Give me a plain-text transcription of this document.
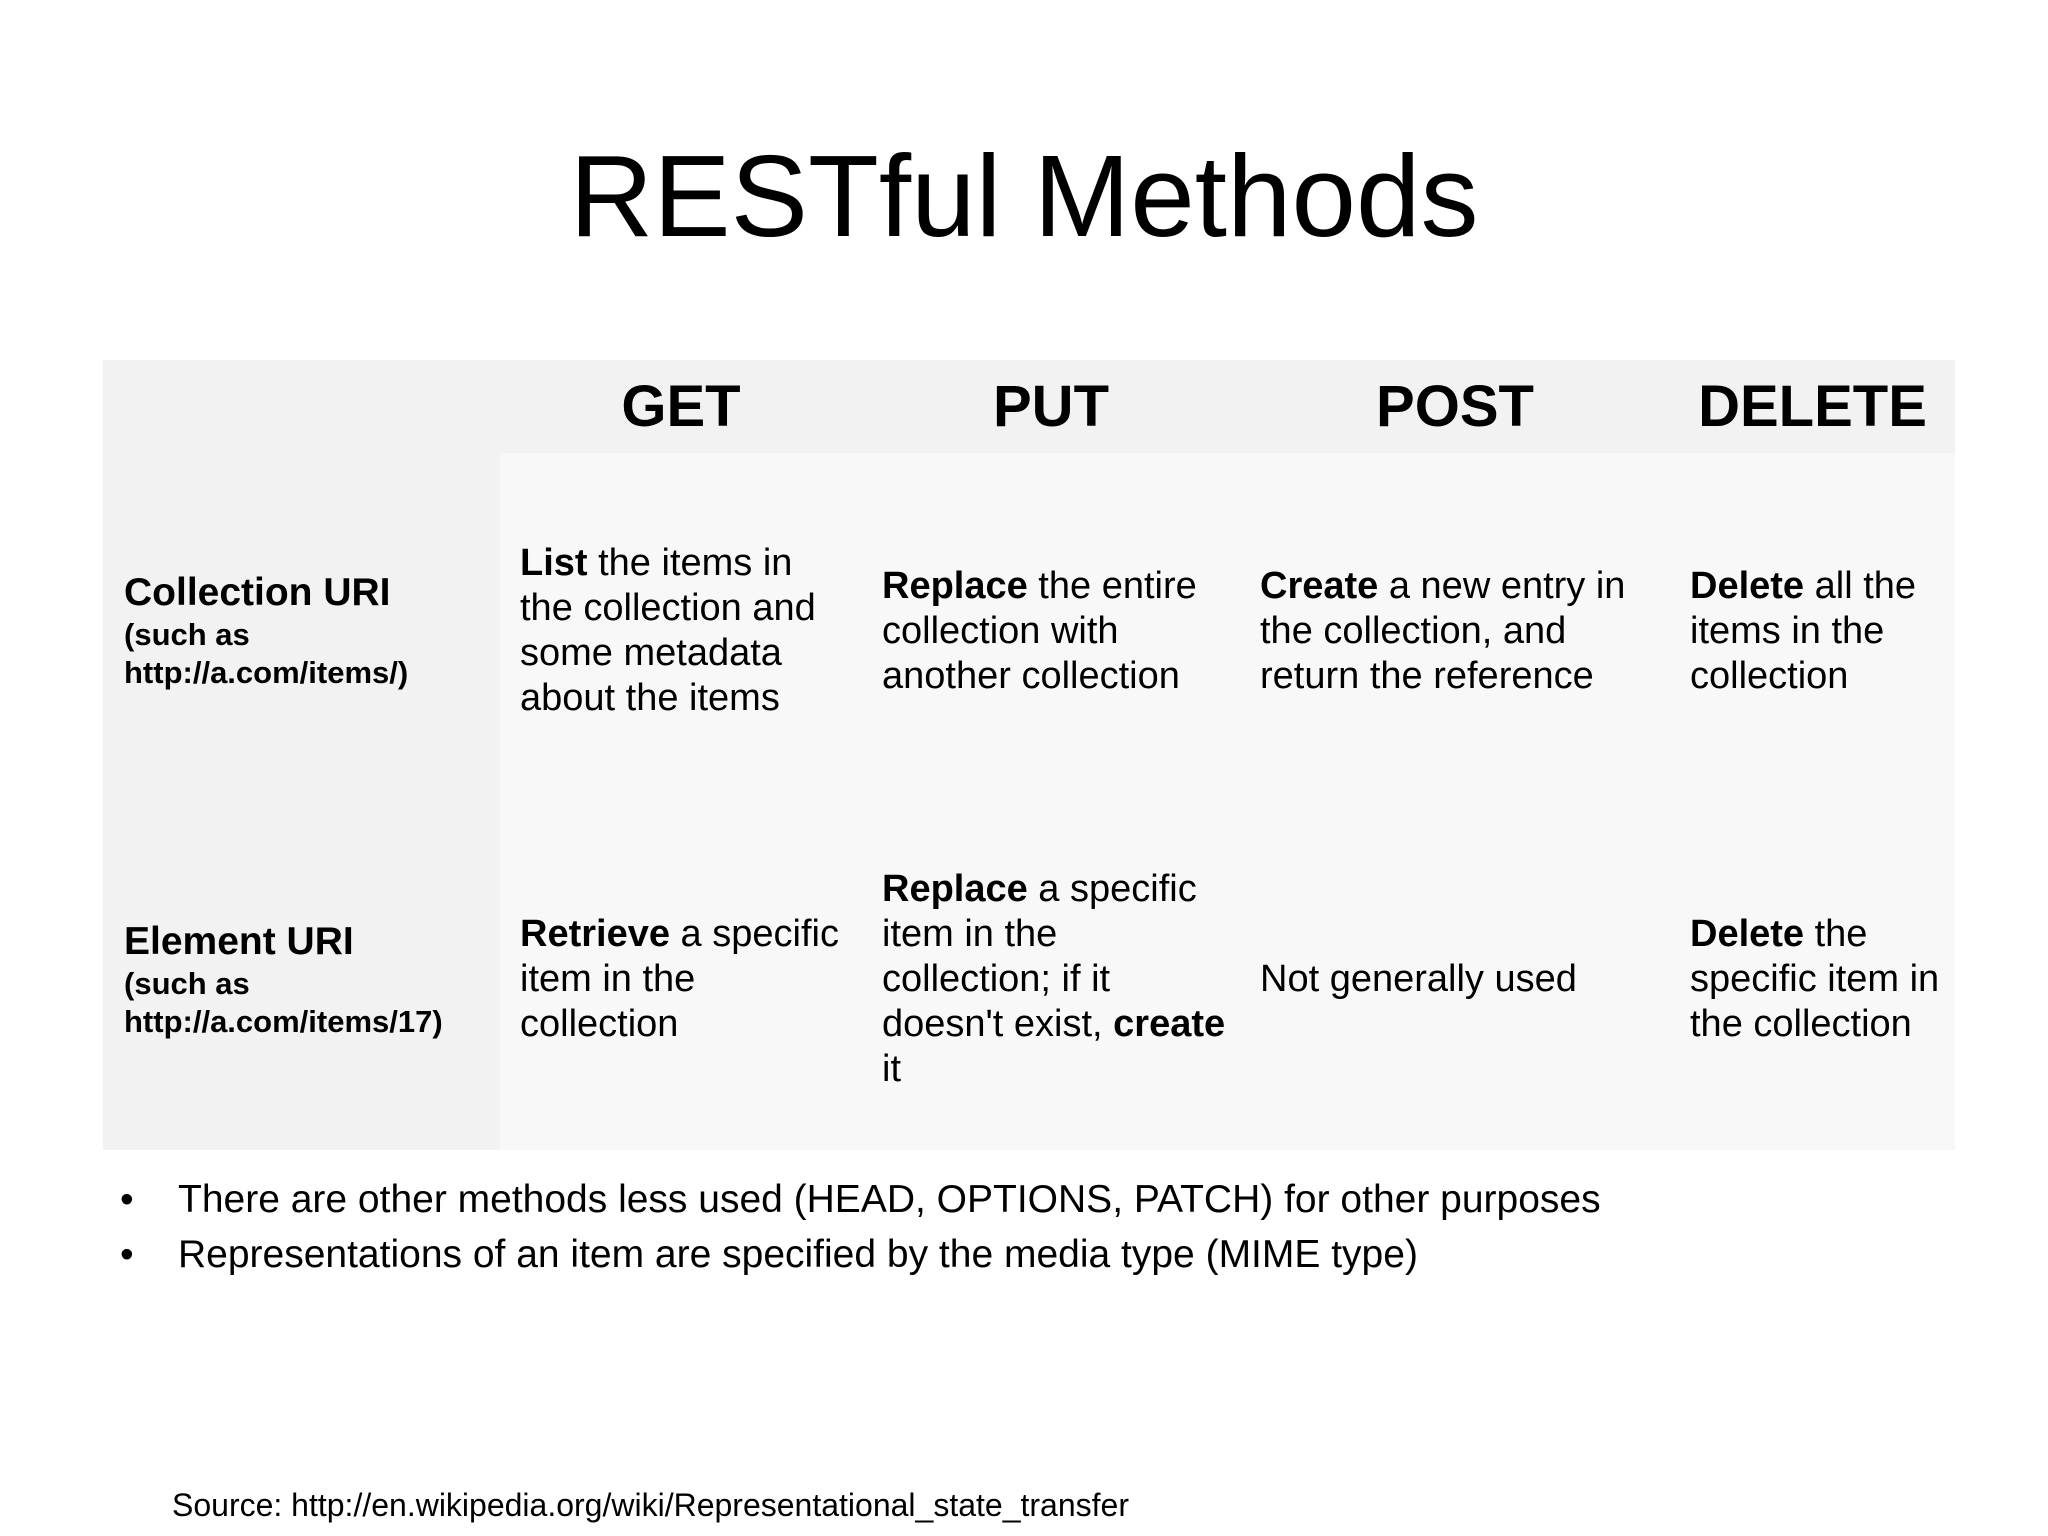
RESTful Methods
	GET	PUT	POST	DELETE

Collection URI
(such as http://a.com/items/)	List the items in the collection and some metadata about the items	Replace the entire collection with another collection	Create a new entry in the collection, and return the reference	Delete all the items in the collection

Element URI
(such as http://a.com/items/17)	Retrieve a specific item in the collection	Replace a specific item in the collection; if it doesn't exist, create it	Not generally used	Delete the specific item in the collection
• There are other methods less used (HEAD, OPTIONS, PATCH) for other purposes
• Representations of an item are specified by the media type (MIME type)
Source: http://en.wikipedia.org/wiki/Representational_state_transfer
